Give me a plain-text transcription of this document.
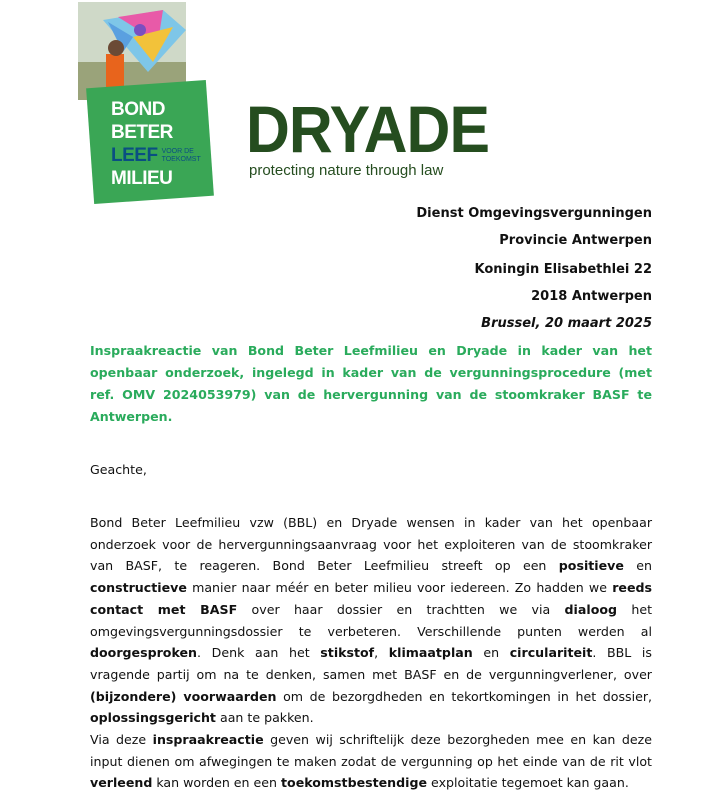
BOND
BETER
LEEF VOOR DE
TOEKOMST
MILIEU
DRYADE
protecting nature through law
Dienst Omgevingsvergunningen
Provincie Antwerpen
Koningin Elisabethlei 22
2018 Antwerpen
Brussel, 20 maart 2025
Inspraakreactie van Bond Beter Leefmilieu en Dryade in kader van het openbaar onderzoek, ingelegd in kader van de vergunningsprocedure (met ref. OMV 2024053979) van de hervergunning van de stoomkraker BASF te Antwerpen.
Geachte,

Bond Beter Leefmilieu vzw (BBL) en Dryade wensen in kader van het openbaar onderzoek voor de hervergunningsaanvraag voor het exploiteren van de stoomkraker van BASF, te reageren. Bond Beter Leefmilieu streeft op een positieve en constructieve manier naar méér en beter milieu voor iedereen. Zo hadden we reeds contact met BASF over haar dossier en trachtten we via dialoog het omgevingsvergunningsdossier te verbeteren. Verschillende punten werden al doorgesproken. Denk aan het stikstof, klimaatplan en circulariteit. BBL is vragende partij om na te denken, samen met BASF en de vergunningverlener, over (bijzondere) voorwaarden om de bezorgdheden en tekortkomingen in het dossier, oplossingsgericht aan te pakken.

Via deze inspraakreactie geven wij schriftelijk deze bezorgheden mee en kan deze input dienen om afwegingen te maken zodat de vergunning op het einde van de rit vlot verleend kan worden en een toekomstbestendige exploitatie tegemoet kan gaan.
